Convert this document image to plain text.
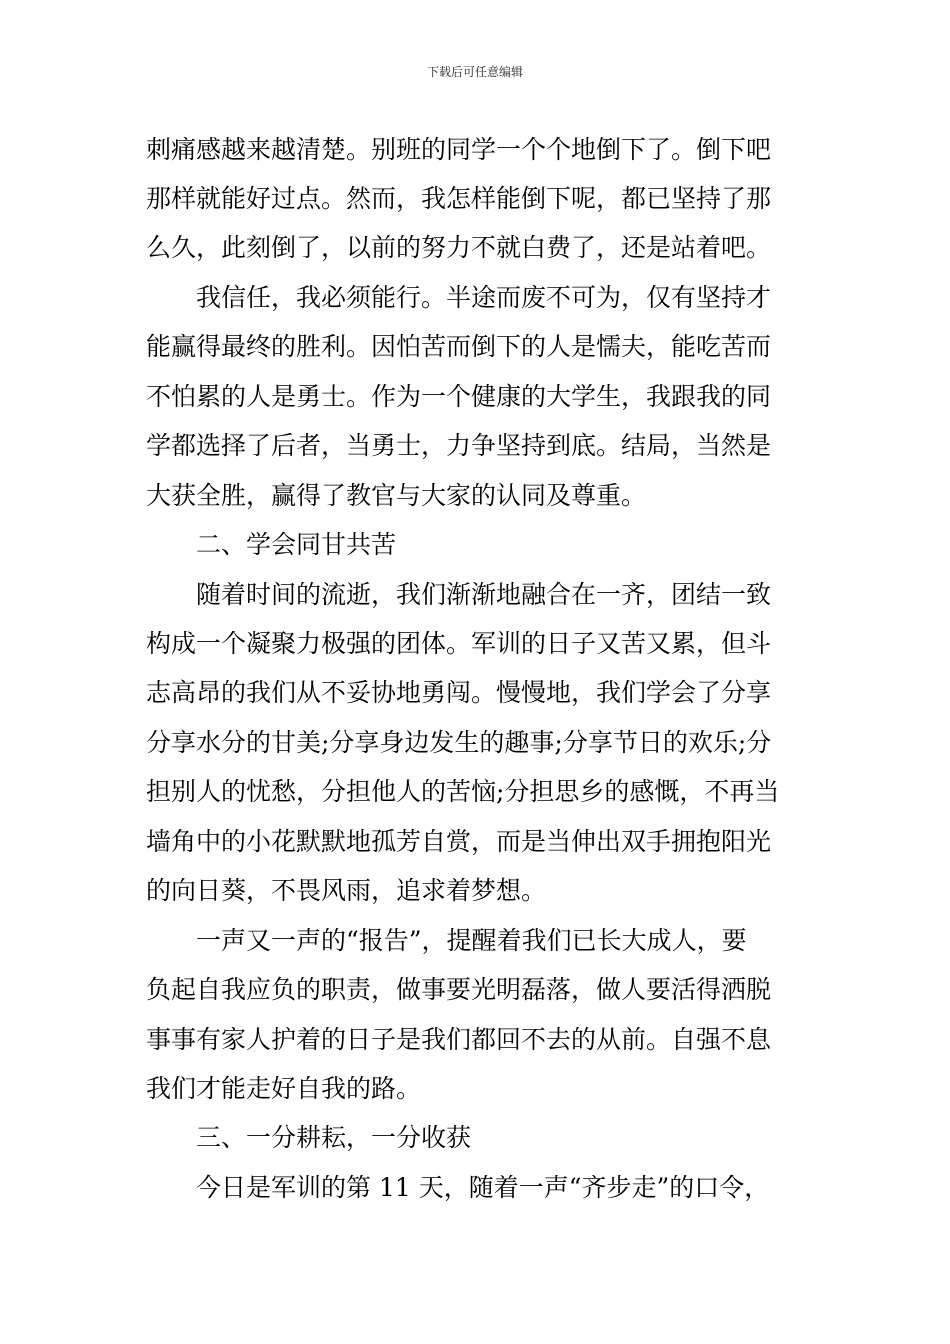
下载后可任意编辑
刺痛感越来越清楚。别班的同学一个个地倒下了。倒下吧
那样就能好过点。然而，我怎样能倒下呢，都已坚持了那
么久，此刻倒了，以前的努力不就白费了，还是站着吧。
我信任，我必须能行。半途而废不可为，仅有坚持才
能赢得最终的胜利。因怕苦而倒下的人是懦夫，能吃苦而
不怕累的人是勇士。作为一个健康的大学生，我跟我的同
学都选择了后者，当勇士，力争坚持到底。结局，当然是
大获全胜，赢得了教官与大家的认同及尊重。
二、学会同甘共苦
随着时间的流逝，我们渐渐地融合在一齐，团结一致
构成一个凝聚力极强的团体。军训的日子又苦又累，但斗
志高昂的我们从不妥协地勇闯。慢慢地，我们学会了分享
分享水分的甘美;分享身边发生的趣事;分享节日的欢乐;分
担别人的忧愁，分担他人的苦恼;分担思乡的感慨，不再当
墙角中的小花默默地孤芳自赏，而是当伸出双手拥抱阳光
的向日葵，不畏风雨，追求着梦想。
一声又一声的“报告”，提醒着我们已长大成人，要
负起自我应负的职责，做事要光明磊落，做人要活得洒脱
事事有家人护着的日子是我们都回不去的从前。自强不息
我们才能走好自我的路。
三、一分耕耘，一分收获
今日是军训的第 11 天，随着一声“齐步走”的口令，
